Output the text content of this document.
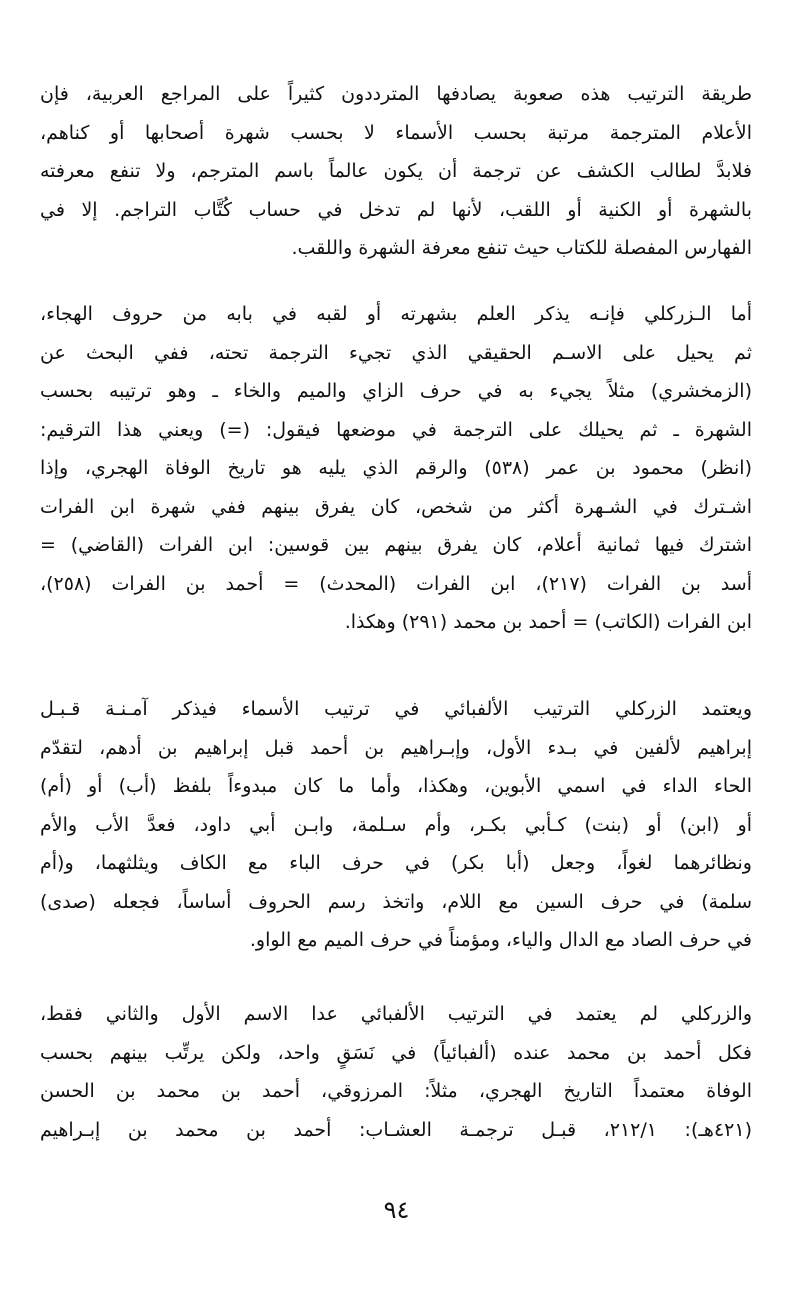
طريقة الترتيب هذه صعوبة يصادفها المترددون كثيراً على المراجع العربية، فإن
الأعلام المترجمة مرتبة بحسب الأسماء لا بحسب شهرة أصحابها أو كناهم،
فلابدَّ لطالب الكشف عن ترجمة أن يكون عالماً باسم المترجم، ولا تنفع معرفته
بالشهرة أو الكنية أو اللقب، لأنها لم تدخل في حساب كُتَّاب التراجم. إلا في
الفهارس المفصلة للكتاب حيث تنفع معرفة الشهرة واللقب.
أما الـزركلي فإنـه يذكر العلم بشهرته أو لقبه في بابه من حروف الهجاء،
ثم يحيل على الاسـم الحقيقي الذي تجيء الترجمة تحته، ففي البحث عن
(الزمخشري) مثلاً يجيء به في حرف الزاي والميم والخاء ـ وهو ترتيبه بحسب
الشهرة ـ ثم يحيلك على الترجمة في موضعها فيقول: (=) ويعني هذا الترقيم:
(انظر) محمود بن عمر (٥٣٨) والرقم الذي يليه هو تاريخ الوفاة الهجري، وإذا
اشـترك في الشـهرة أكثر من شخص، كان يفرق بينهم ففي شهرة ابن الفرات
اشترك فيها ثمانية أعلام، كان يفرق بينهم بين قوسين: ابن الفرات (القاضي) =
أسد بن الفرات (٢١٧)، ابن الفرات (المحدث) = أحمد بن الفرات (٢٥٨)،
ابن الفرات (الكاتب) = أحمد بن محمد (٢٩١) وهكذا.
ويعتمد الزركلي الترتيب الألفبائي في ترتيب الأسماء فيذكر آمـنـة قـبـل
إبراهيم لألفين في بـدء الأول، وإبـراهيم بن أحمد قبل إبراهيم بن أدهم، لتقدّم
الحاء الداء في اسمي الأبوين، وهكذا، وأما ما كان مبدوءاً بلفظ (أب) أو (أم)
أو (ابن) أو (بنت) كـأبي بكـر، وأم سـلمة، وابـن أبي داود، فعدَّ الأب والأم
ونظائرهما لغواً، وجعل (أبا بكر) في حرف الباء مع الكاف ويثلثهما، و(أم
سلمة) في حرف السين مع اللام، واتخذ رسم الحروف أساساً، فجعله (صدى)
في حرف الصاد مع الدال والياء، ومؤمناً في حرف الميم مع الواو.
والزركلي لم يعتمد في الترتيب الألفبائي عدا الاسم الأول والثاني فقط،
فكل أحمد بن محمد عنده (ألفبائياً) في نَسَقٍ واحد، ولكن يرتِّب بينهم بحسب
الوفاة معتمداً التاريخ الهجري، مثلاً: المرزوقي، أحمد بن محمد بن الحسن
(٤٢١هـ): ٢١٢/١، قبـل ترجمـة العشـاب: أحمد بن محمد بن إبـراهيم
٩٤
